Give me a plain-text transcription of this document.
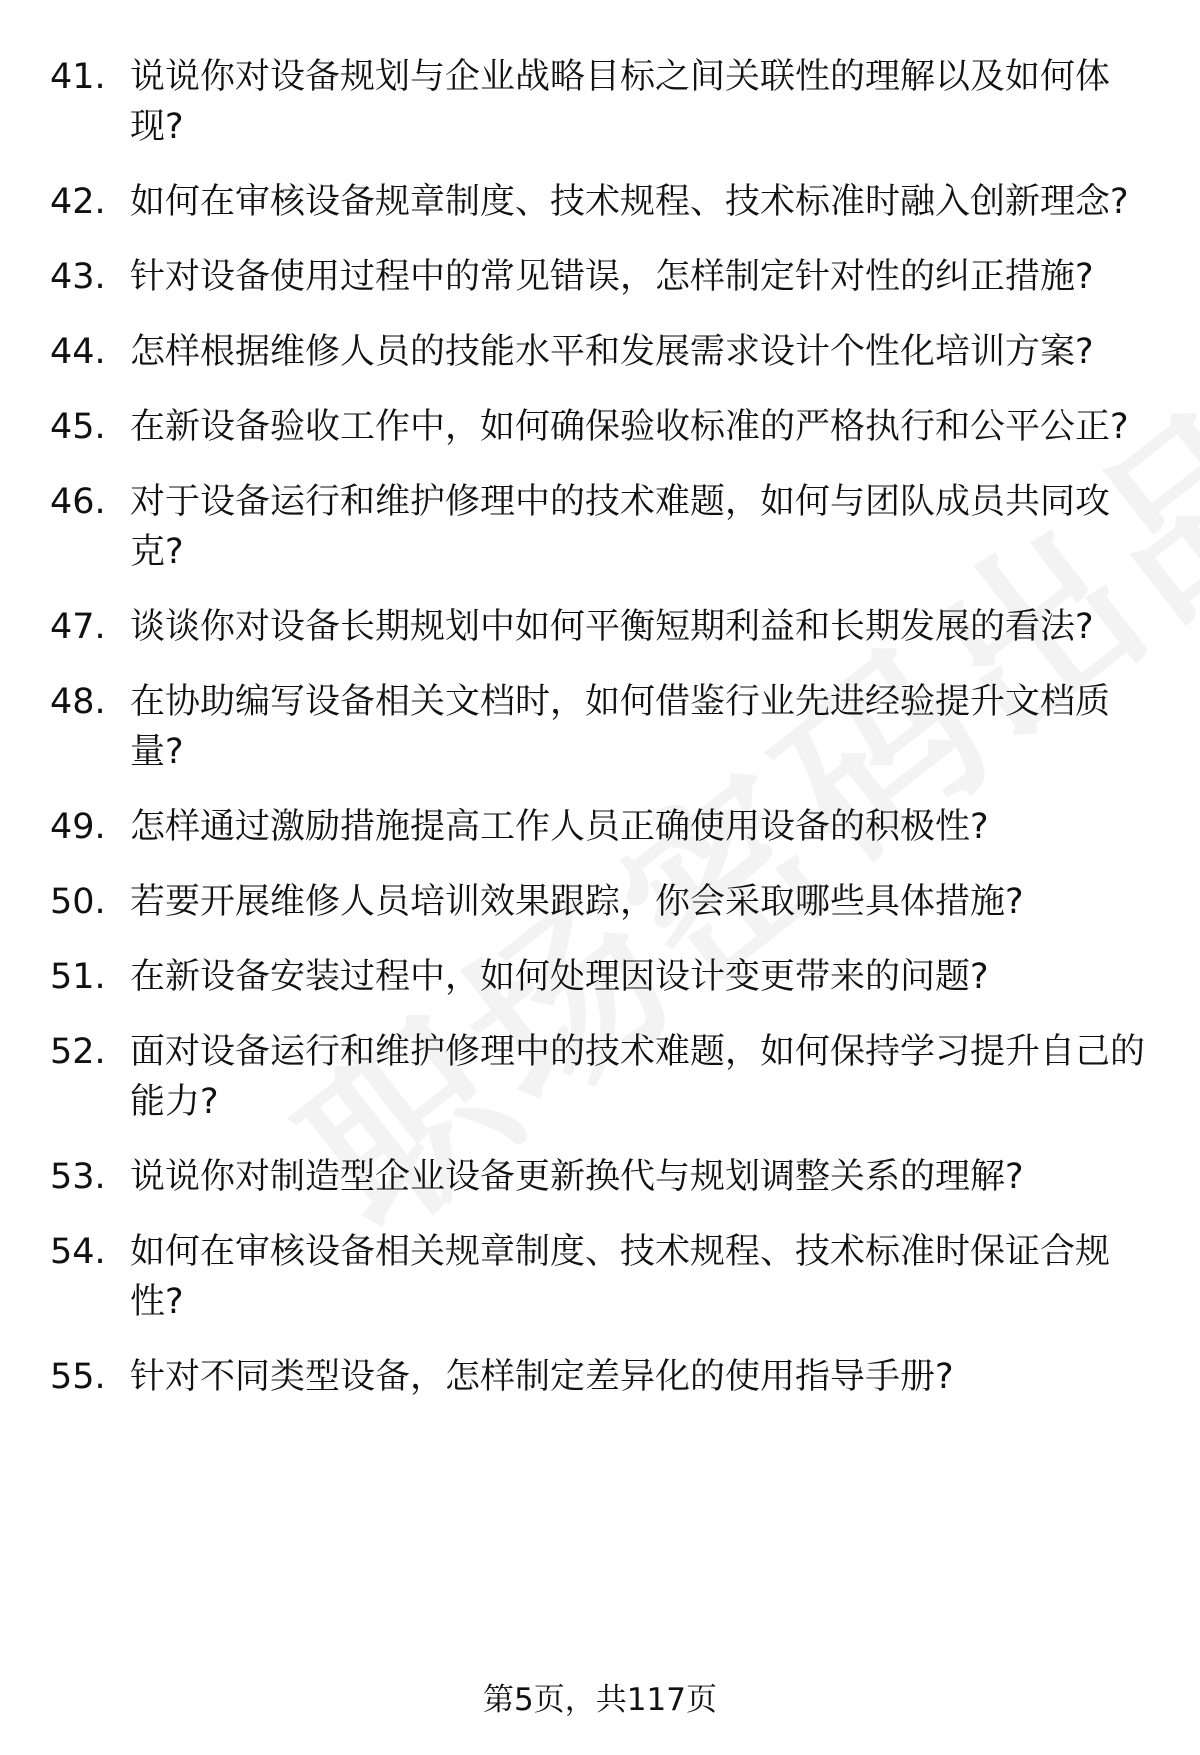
41. 说说你对设备规划与企业战略目标之间关联性的理解以及如何体现?
42. 如何在审核设备规章制度、技术规程、技术标准时融入创新理念?
43. 针对设备使用过程中的常见错误，怎样制定针对性的纠正措施?
44. 怎样根据维修人员的技能水平和发展需求设计个性化培训方案?
45. 在新设备验收工作中，如何确保验收标准的严格执行和公平公正?
46. 对于设备运行和维护修理中的技术难题，如何与团队成员共同攻克?
47. 谈谈你对设备长期规划中如何平衡短期利益和长期发展的看法?
48. 在协助编写设备相关文档时，如何借鉴行业先进经验提升文档质量?
49. 怎样通过激励措施提高工作人员正确使用设备的积极性?
50. 若要开展维修人员培训效果跟踪，你会采取哪些具体措施?
51. 在新设备安装过程中，如何处理因设计变更带来的问题?
52. 面对设备运行和维护修理中的技术难题，如何保持学习提升自己的能力?
53. 说说你对制造型企业设备更新换代与规划调整关系的理解?
54. 如何在审核设备相关规章制度、技术规程、技术标准时保证合规性?
55. 针对不同类型设备，怎样制定差异化的使用指导手册?
第5页，共117页
